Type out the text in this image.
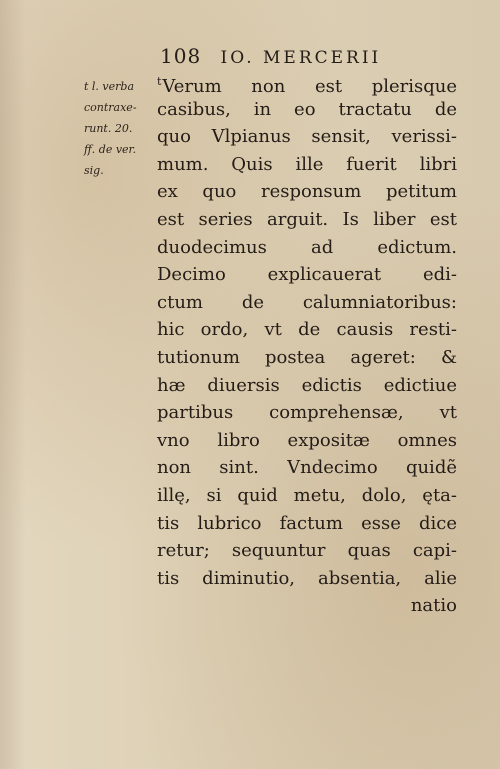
108 IO. MERCERII
t l. verba
contraxe-
runt. 20.
ff. de ver.
sig.
$^t$Verum non est plerisque
casibus, in eo tractatu de
quo Vlpianus sensit, verissi-
mum. Quis ille fuerit libri
ex quo responsum petitum
est series arguit. Is liber est
duodecimus ad edictum.
Decimo explicauerat edi-
ctum de calumniatoribus:
hic ordo, vt de causis resti-
tutionum postea ageret: &
hæ diuersis edictis edictiue
partibus comprehensæ, vt
vno libro expositæ omnes
non sint. Vndecimo quidẽ
illę, si quid metu, dolo, ęta-
tis lubrico factum esse dice
retur; sequuntur quas capi-
tis diminutio, absentia, alie
natio
